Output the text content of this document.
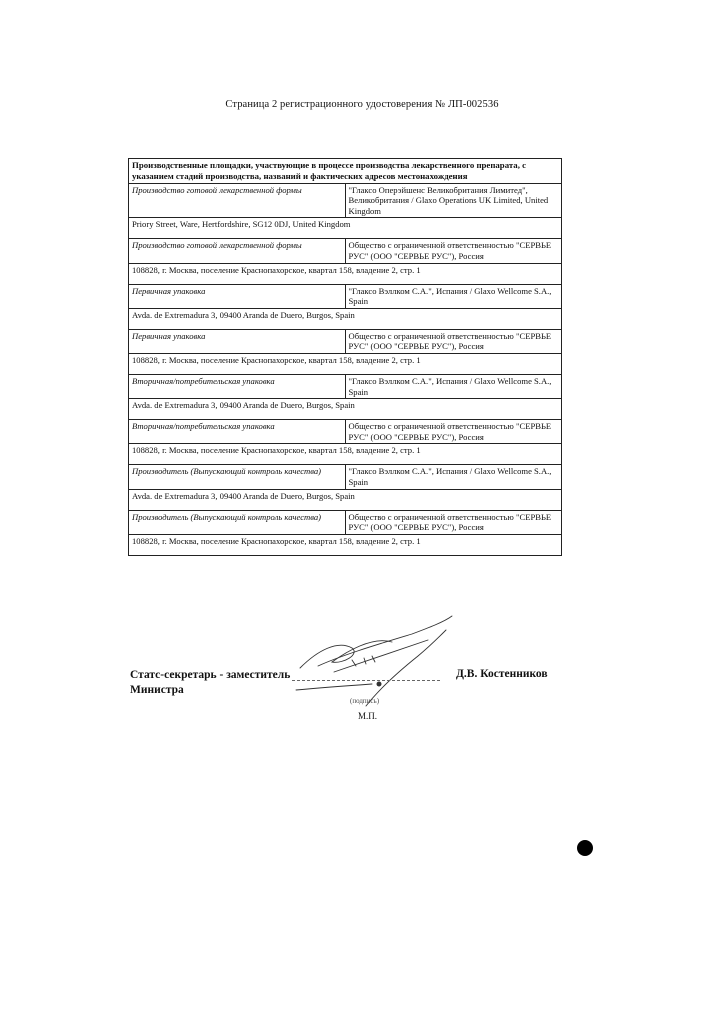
Страница 2 регистрационного удостоверения № ЛП-002536
Производственные площадки, участвующие в процессе производства лекарственного препарата, с указанием стадий производства, названий и фактических адресов местонахождения	
Производство готовой лекарственной формы	"Глаксо Оперэйшенс Великобритания Лимитед", Великобритания / Glaxo Operations UK Limited, United Kingdom
Priory Street, Ware, Hertfordshire, SG12 0DJ, United Kingdom	
Производство готовой лекарственной формы	Общество с ограниченной ответственностью "СЕРВЬЕ РУС" (ООО "СЕРВЬЕ РУС"), Россия
108828, г. Москва, поселение Краснопахорское, квартал 158, владение 2, стр. 1	
Первичная упаковка	"Глаксо Вэллком С.А.", Испания / Glaxo Wellcome S.A., Spain
Avda. de Extremadura 3, 09400 Aranda de Duero, Burgos, Spain	
Первичная упаковка	Общество с ограниченной ответственностью "СЕРВЬЕ РУС" (ООО "СЕРВЬЕ РУС"), Россия
108828, г. Москва, поселение Краснопахорское, квартал 158, владение 2, стр. 1	
Вторичная/потребительская упаковка	"Глаксо Вэллком С.А.", Испания / Glaxo Wellcome S.A., Spain
Avda. de Extremadura 3, 09400 Aranda de Duero, Burgos, Spain	
Вторичная/потребительская упаковка	Общество с ограниченной ответственностью "СЕРВЬЕ РУС" (ООО "СЕРВЬЕ РУС"), Россия
108828, г. Москва, поселение Краснопахорское, квартал 158, владение 2, стр. 1	
Производитель (Выпускающий контроль качества)	"Глаксо Вэллком С.А.", Испания / Glaxo Wellcome S.A., Spain
Avda. de Extremadura 3, 09400 Aranda de Duero, Burgos, Spain	
Производитель (Выпускающий контроль качества)	Общество с ограниченной ответственностью "СЕРВЬЕ РУС" (ООО "СЕРВЬЕ РУС"), Россия
108828, г. Москва, поселение Краснопахорское, квартал 158, владение 2, стр. 1	
Статс-секретарь - заместитель Министра
Д.В. Костенников
(подпись)
М.П.
